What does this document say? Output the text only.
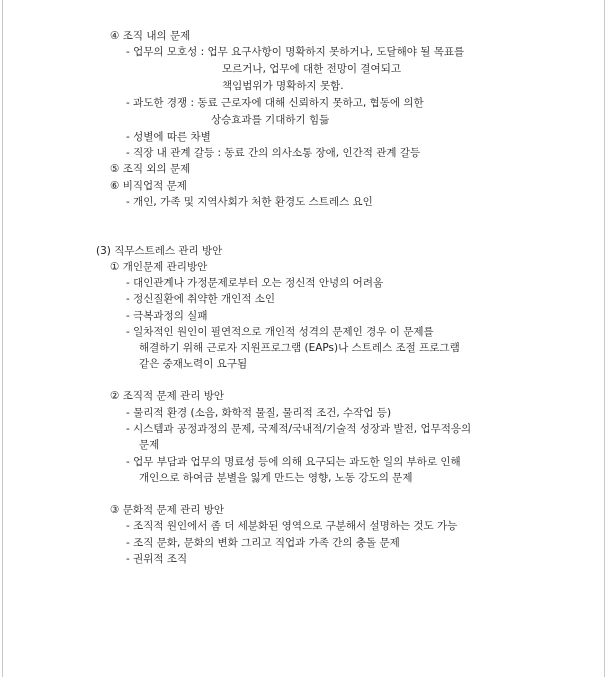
④ 조직 내의 문제
- 업무의 모호성 : 업무 요구사항이 명확하지 못하거나, 도달해야 될 목표를
모르거나, 업무에 대한 전망이 결여되고
책임범위가 명확하지 못함.
- 과도한 경쟁 : 동료 근로자에 대해 신뢰하지 못하고, 협동에 의한
상승효과를 기대하기 힘듦
- 성별에 따른 차별
- 직장 내 관계 갈등 : 동료 간의 의사소통 장애, 인간적 관계 갈등
⑤ 조직 외의 문제
⑥ 비직업적 문제
- 개인, 가족 및 지역사회가 처한 환경도 스트레스 요인
(3) 직무스트레스 관리 방안
① 개인문제 관리방안
- 대인관계나 가정문제로부터 오는 정신적 안녕의 어려움
- 정신질환에 취약한 개인적 소인
- 극복과정의 실패
- 일차적인 원인이 필연적으로 개인적 성격의 문제인 경우 이 문제를
해결하기 위해 근로자 지원프로그램 (EAPs)나 스트레스 조절 프로그램
같은 중재노력이 요구됨
② 조직적 문제 관리 방안
- 물리적 환경 (소음, 화학적 물질, 물리적 조건, 수작업 등)
- 시스템과 공정과정의 문제, 국제적/국내적/기술적 성장과 발전, 업무적응의
문제
- 업무 부담과 업무의 명료성 등에 의해 요구되는 과도한 일의 부하로 인해
개인으로 하여금 분별을 잃게 만드는 영향, 노동 강도의 문제
③ 문화적 문제 관리 방안
- 조직적 원인에서 좀 더 세분화된 영역으로 구분해서 설명하는 것도 가능
- 조직 문화, 문화의 변화 그리고 직업과 가족 간의 충돌 문제
- 권위적 조직
